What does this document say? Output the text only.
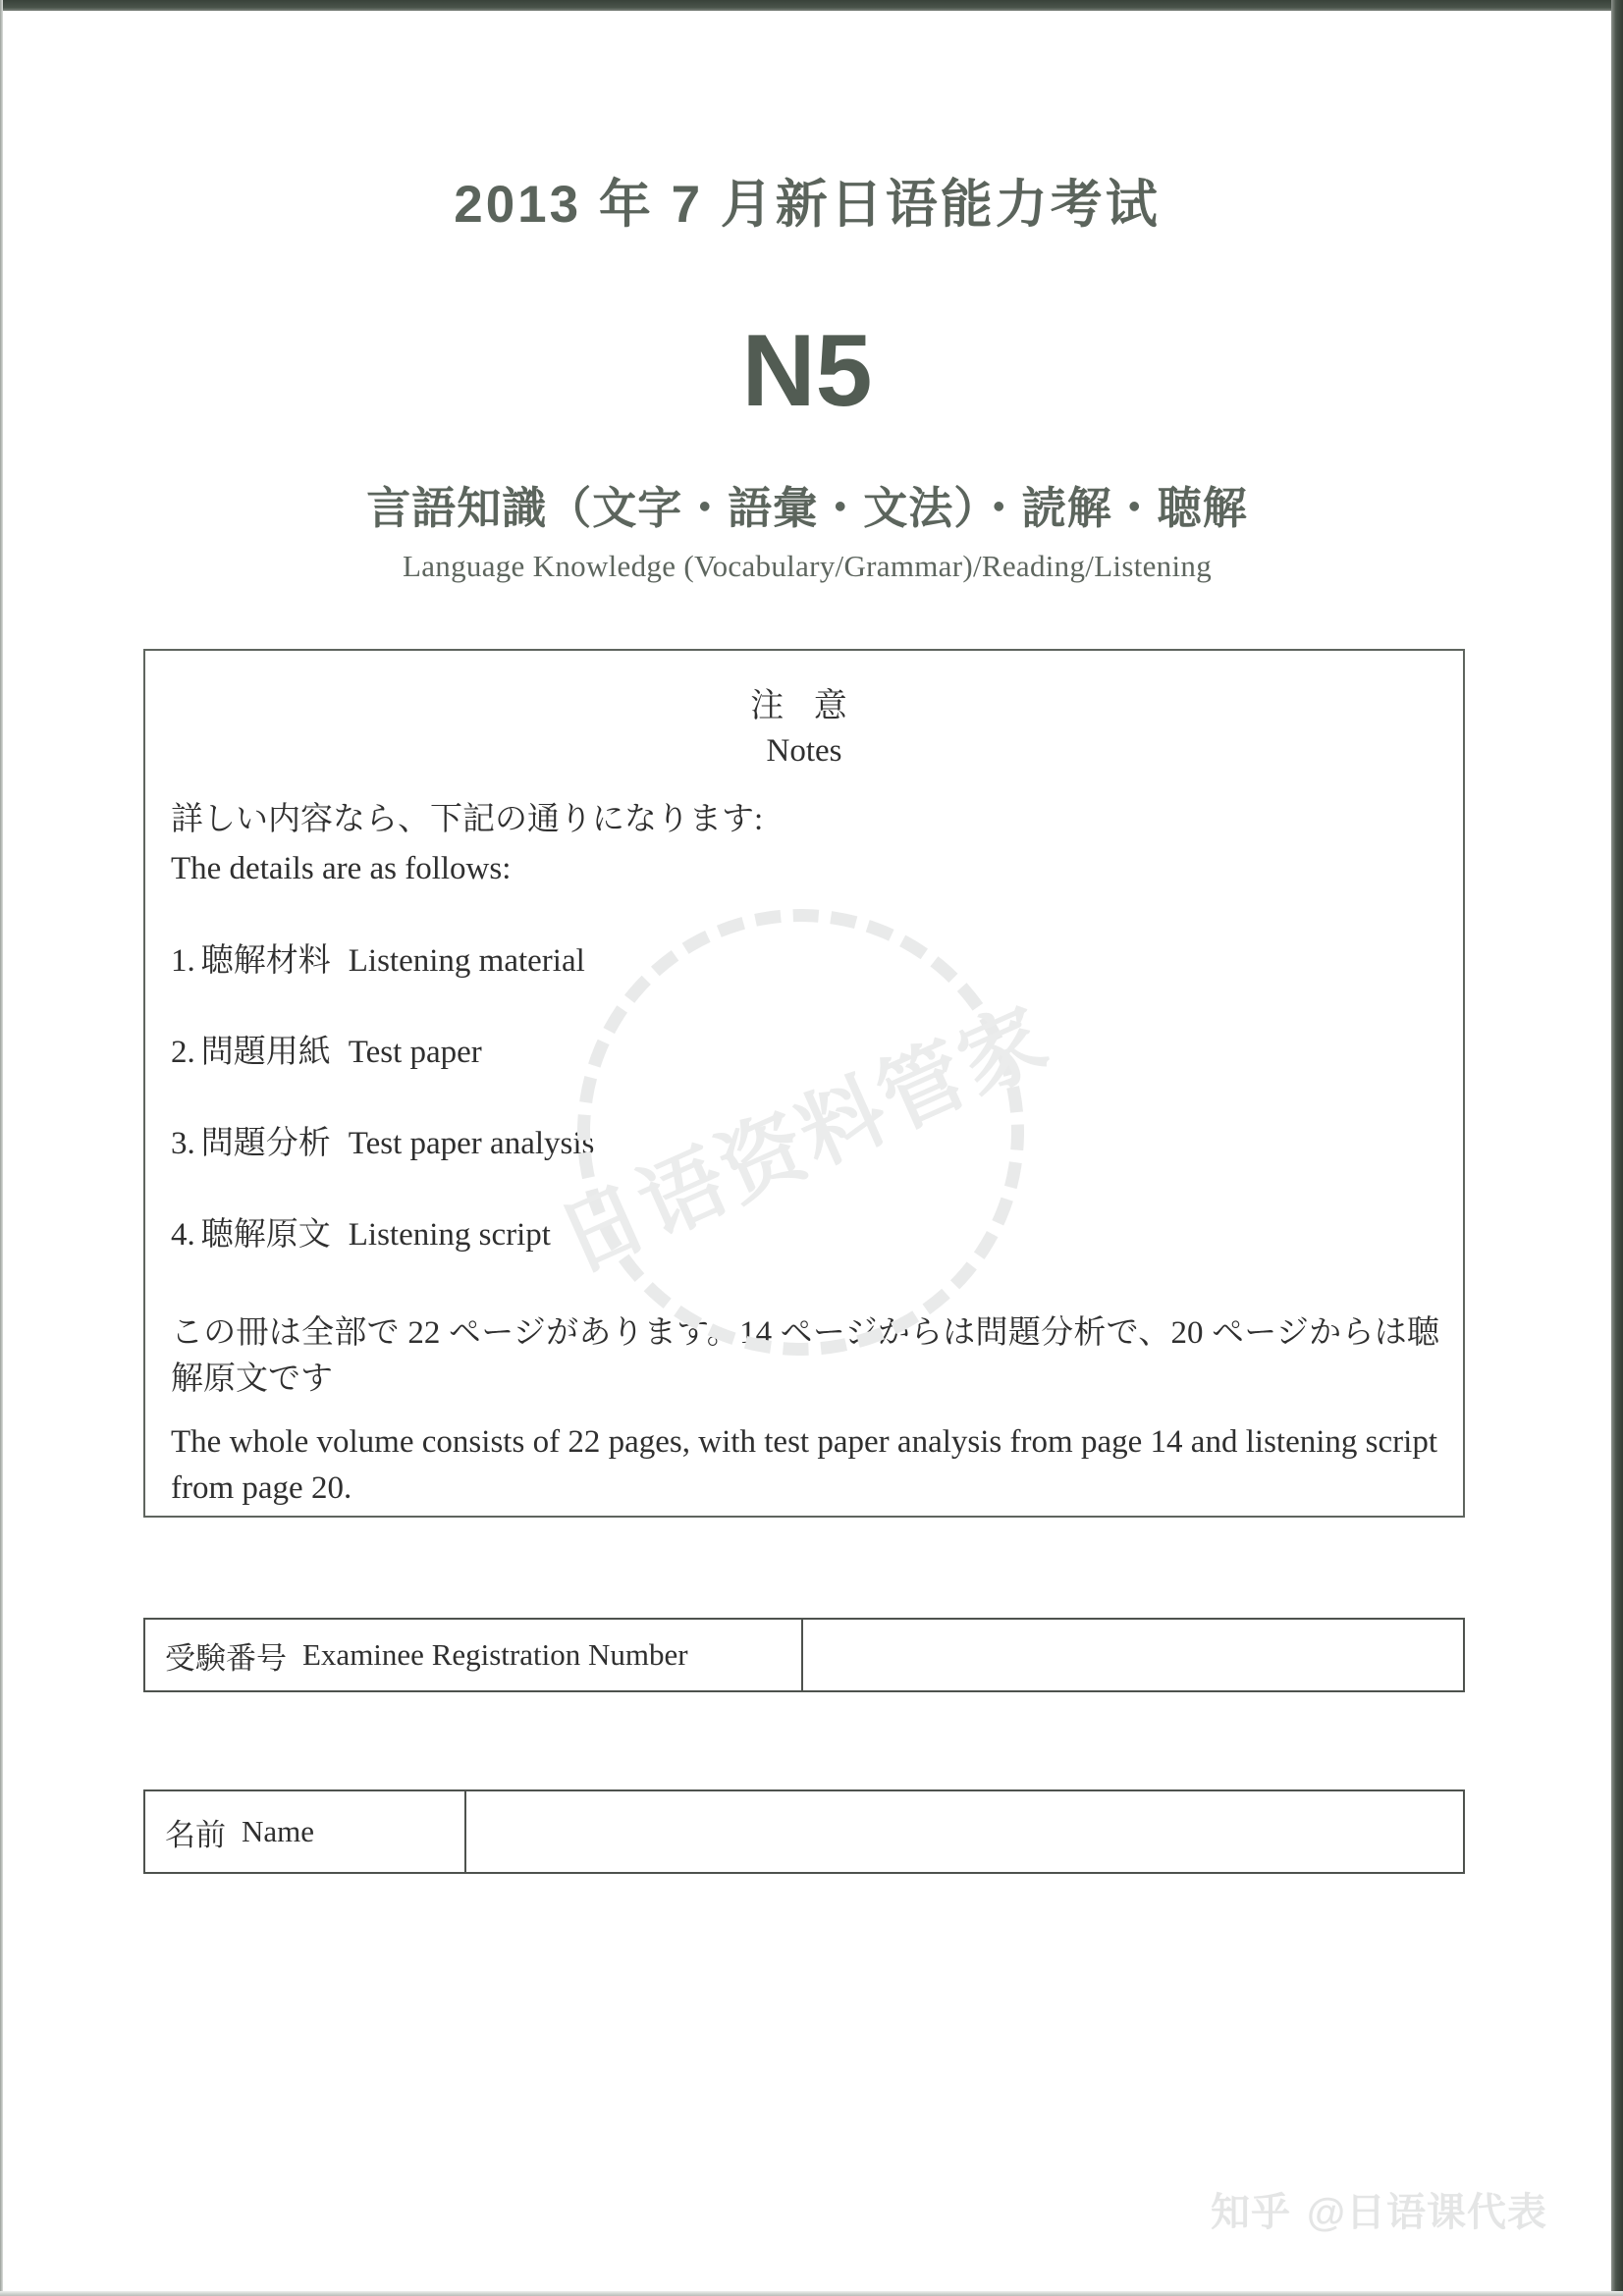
2013 年 7 月新日语能力考试
N5
言語知識（文字・語彙・文法）・読解・聴解
Language Knowledge (Vocabulary/Grammar)/Reading/Listening
注 意
Notes

詳しい内容なら、下記の通りになります:

The details are as follows:

1. 聴解材料 Listening material
2. 問題用紙 Test paper
3. 問題分析 Test paper analysis
4. 聴解原文 Listening script
この冊は全部で 22 ページがあります。14 ページからは問題分析で、20 ページからは聴解原文です
The whole volume consists of 22 pages, with test paper analysis from page 14 and listening script from page 20.
受験番号 Examinee Registration Number
名前 Name
日语资料管家
知乎 @日语课代表
